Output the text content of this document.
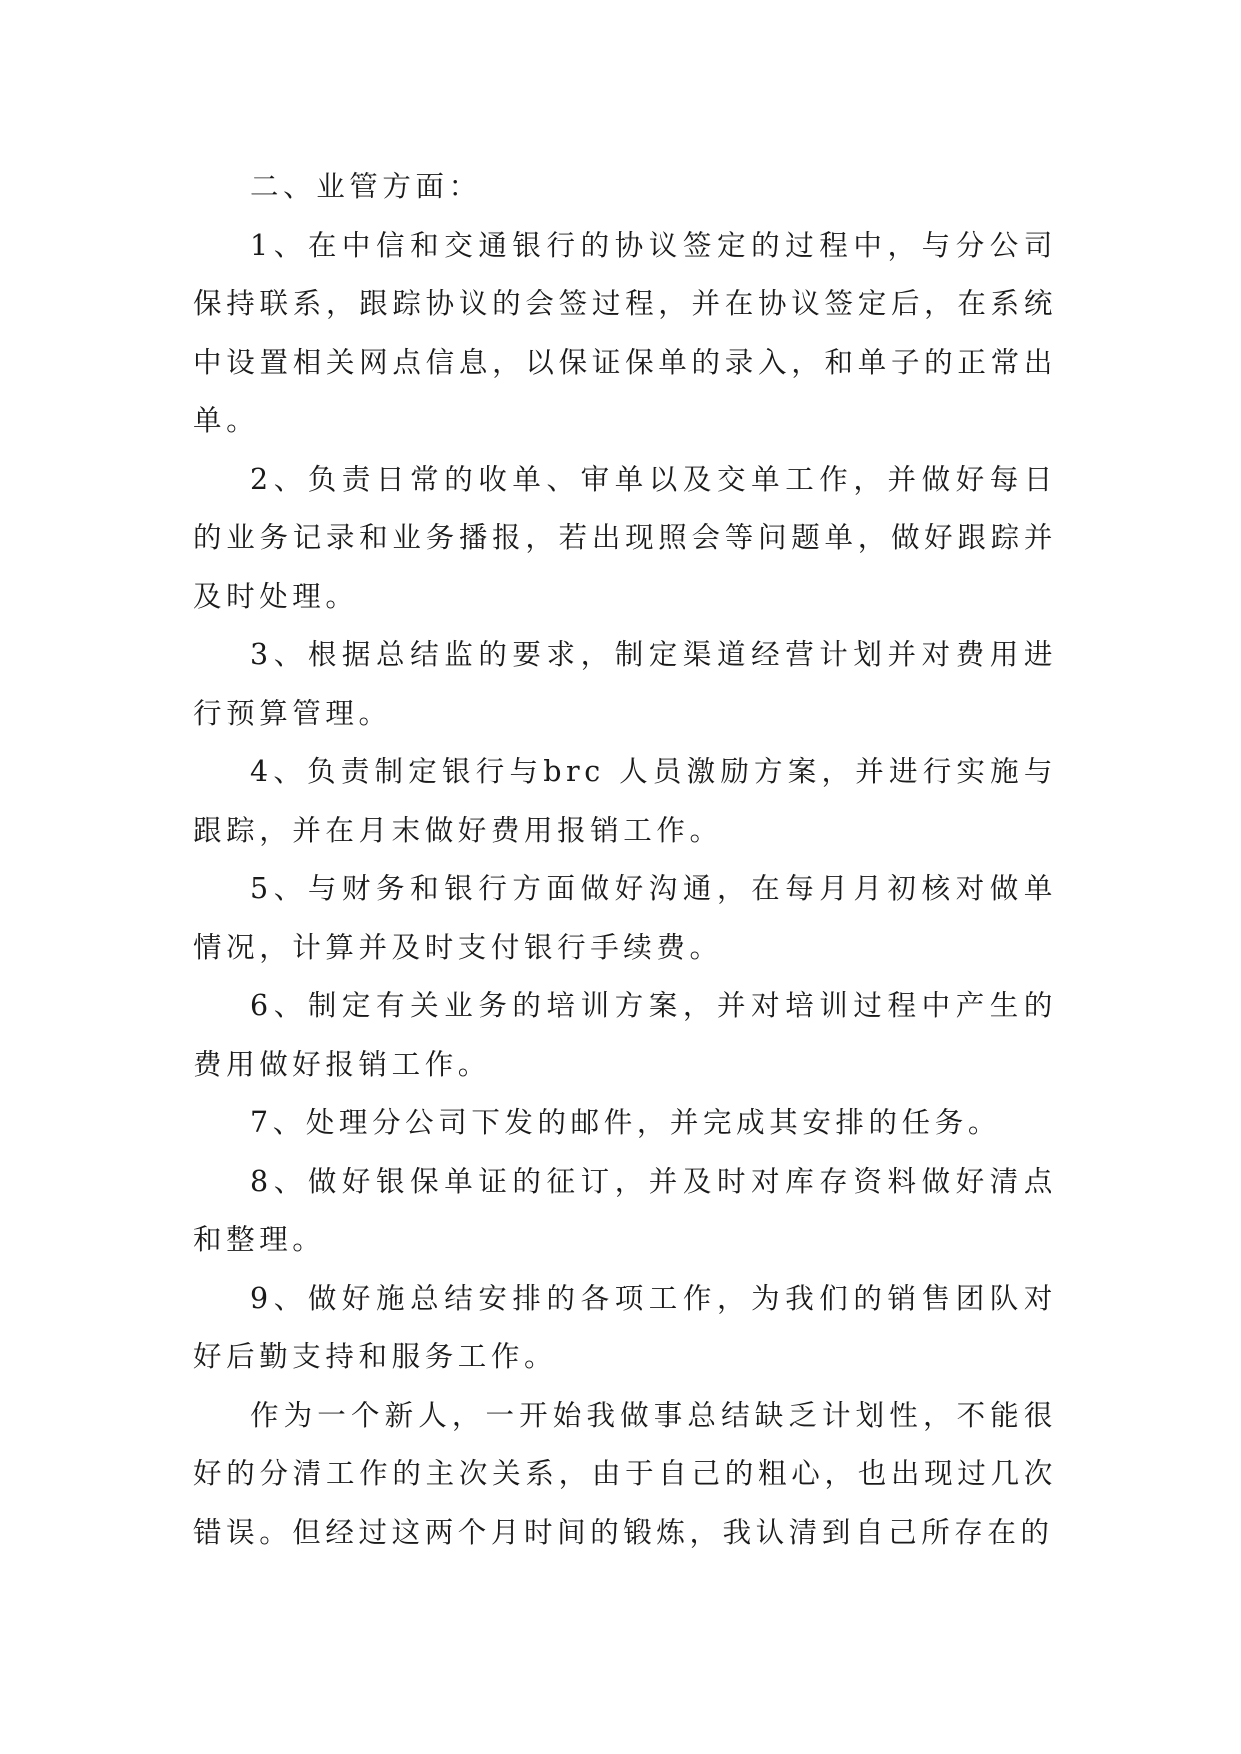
二、业管方面：

1、在中信和交通银行的协议签定的过程中，与分公司保持联系，跟踪协议的会签过程，并在协议签定后，在系统中设置相关网点信息，以保证保单的录入，和单子的正常出单。

2、负责日常的收单、审单以及交单工作，并做好每日的业务记录和业务播报，若出现照会等问题单，做好跟踪并及时处理。

3、根据总结监的要求，制定渠道经营计划并对费用进行预算管理。

4、负责制定银行与brc 人员激励方案，并进行实施与跟踪，并在月末做好费用报销工作。

5、与财务和银行方面做好沟通，在每月月初核对做单情况，计算并及时支付银行手续费。

6、制定有关业务的培训方案，并对培训过程中产生的费用做好报销工作。

7、处理分公司下发的邮件，并完成其安排的任务。

8、做好银保单证的征订，并及时对库存资料做好清点和整理。

9、做好施总结安排的各项工作，为我们的销售团队对好后勤支持和服务工作。

作为一个新人，一开始我做事总结缺乏计划性，不能很好的分清工作的主次关系，由于自己的粗心，也出现过几次错误。但经过这两个月时间的锻炼，我认清到自己所存在的
